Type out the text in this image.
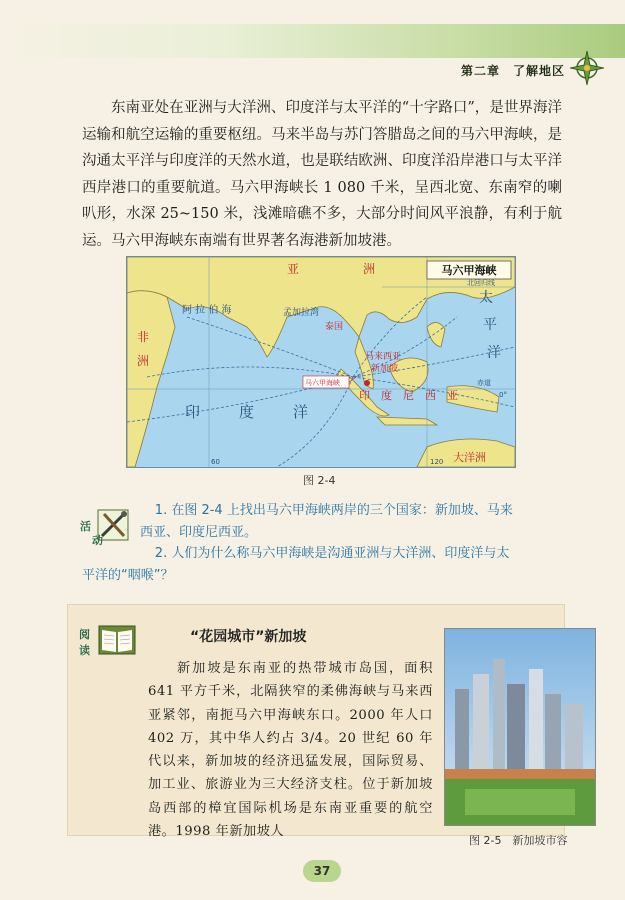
第二章　了解地区

东南亚处在亚洲与大洋洲、印度洋与太平洋的“十字路口”，是世界海洋运输和航空运输的重要枢纽。马来半岛与苏门答腊岛之间的马六甲海峡，是沟通太平洋与印度洋的天然水道，也是联结欧洲、印度洋沿岸港口与太平洋西岸港口的重要航道。马六甲海峡长 1 080 千米，呈西北宽、东南窄的喇叭形，水深 25~150 米，浅滩暗礁不多，大部分时间风平浪静，有利于航运。马六甲海峡东南端有世界著名海港新加坡港。

马六甲海峡
亚	洲
非
洲
阿 拉 伯 海	孟加拉湾
泰国
马来西亚
新加坡
马六甲海峡
印	度	洋
太
平
洋
印 度 尼 西 亚
大洋洲
赤道
北回归线
60	120
0°
图 2-4
活
动

1. 在图 2-4 上找出马六甲海峡两岸的三个国家：新加坡、马来

西亚、印度尼西亚。

2. 人们为什么称马六甲海峡是沟通亚洲与大洋洲、印度洋与太

平洋的“咽喉”？

阅
读
“花园城市”新加坡

新加坡是东南亚的热带城市岛国，面积 641 平方千米，北隔狭窄的柔佛海峡与马来西亚紧邻，南扼马六甲海峡东口。2000 年人口 402 万，其中华人约占 3/4。20 世纪 60 年代以来，新加坡的经济迅猛发展，国际贸易、加工业、旅游业为三大经济支柱。位于新加坡岛西部的樟宜国际机场是东南亚重要的航空港。1998 年新加坡人

图 2-5　新加坡市容
37
